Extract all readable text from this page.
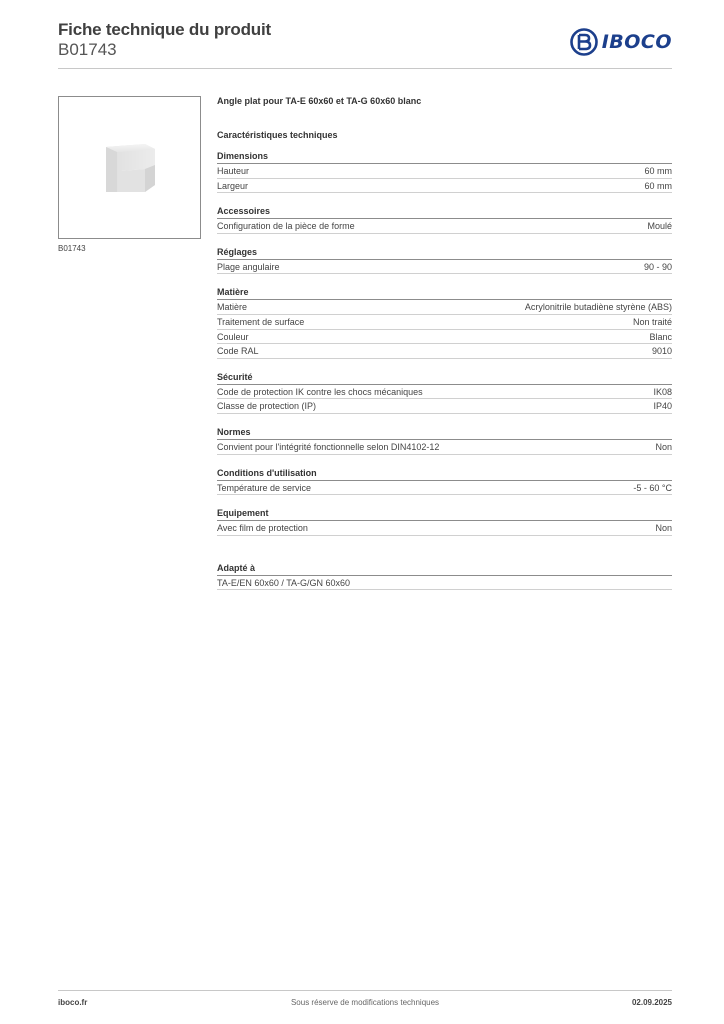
Fiche technique du produit
B01743	IBOCO
B01743
Angle plat pour TA-E 60x60 et TA-G 60x60 blanc
Caractéristiques techniques
Dimensions
Hauteur	60 mm
Largeur	60 mm
Accessoires
Configuration de la pièce de forme	Moulé
Réglages
Plage angulaire	90 - 90
Matière
Matière	Acrylonitrile butadiène styrène (ABS)
Traitement de surface	Non traité
Couleur	Blanc
Code RAL	9010
Sécurité
Code de protection IK contre les chocs mécaniques	IK08
Classe de protection (IP)	IP40
Normes
Convient pour l'intégrité fonctionnelle selon DIN4102-12	Non
Conditions d'utilisation
Température de service	-5 - 60 °C
Equipement
Avec film de protection	Non
Adapté à
TA-E/EN 60x60 / TA-G/GN 60x60
iboco.fr	Sous réserve de modifications techniques	02.09.2025
